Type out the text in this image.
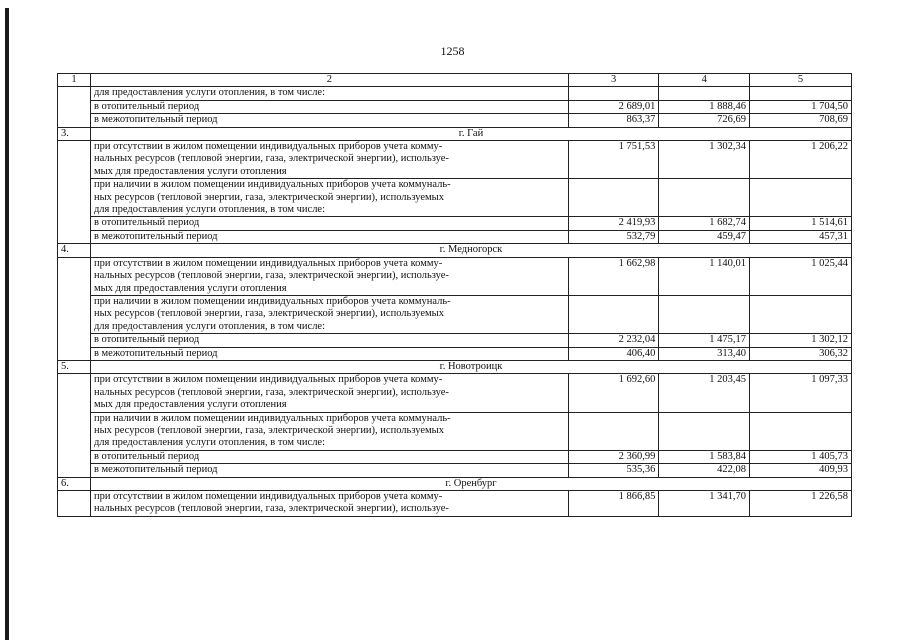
1258
1	2	3	4	5
	для предоставления услуги отопления, в том числе:			
	в отопительный период	2 689,01	1 888,46	1 704,50
	в межотопительный период	863,37	726,69	708,69
3.	г. Гай			
	при отсутствии в жилом помещении индивидуальных приборов учета комму-
нальных ресурсов (тепловой энергии, газа, электрической энергии), используе-
мых для предоставления услуги отопления	1 751,53	1 302,34	1 206,22
	при наличии в жилом помещении индивидуальных приборов учета коммуналь-
ных ресурсов (тепловой энергии, газа, электрической энергии), используемых
для предоставления услуги отопления, в том числе:			
	в отопительный период	2 419,93	1 682,74	1 514,61
	в межотопительный период	532,79	459,47	457,31
4.	г. Медногорск			
	при отсутствии в жилом помещении индивидуальных приборов учета комму-
нальных ресурсов (тепловой энергии, газа, электрической энергии), используе-
мых для предоставления услуги отопления	1 662,98	1 140,01	1 025,44
	при наличии в жилом помещении индивидуальных приборов учета коммуналь-
ных ресурсов (тепловой энергии, газа, электрической энергии), используемых
для предоставления услуги отопления, в том числе:			
	в отопительный период	2 232,04	1 475,17	1 302,12
	в межотопительный период	406,40	313,40	306,32
5.	г. Новотроицк			
	при отсутствии в жилом помещении индивидуальных приборов учета комму-
нальных ресурсов (тепловой энергии, газа, электрической энергии), используе-
мых для предоставления услуги отопления	1 692,60	1 203,45	1 097,33
	при наличии в жилом помещении индивидуальных приборов учета коммуналь-
ных ресурсов (тепловой энергии, газа, электрической энергии), используемых
для предоставления услуги отопления, в том числе:			
	в отопительный период	2 360,99	1 583,84	1 405,73
	в межотопительный период	535,36	422,08	409,93
6.	г. Оренбург			
	при отсутствии в жилом помещении индивидуальных приборов учета комму-
нальных ресурсов (тепловой энергии, газа, электрической энергии), используе-	1 866,85	1 341,70	1 226,58
